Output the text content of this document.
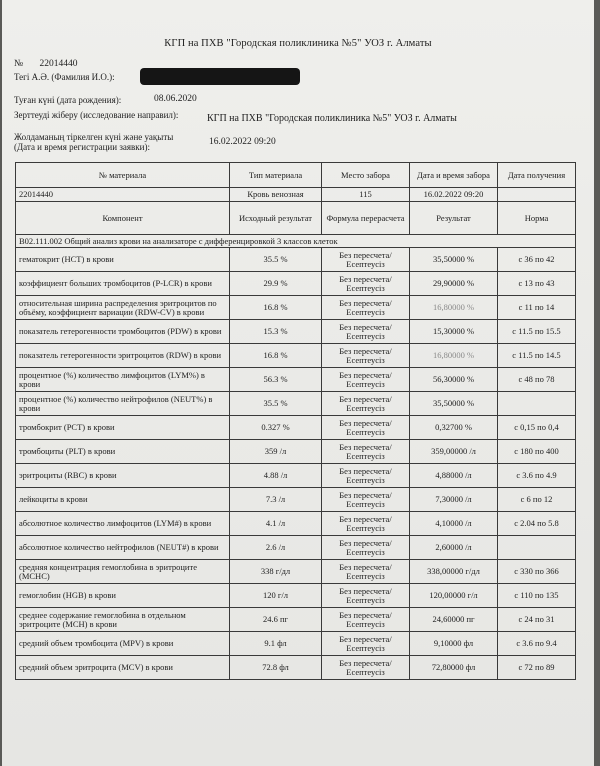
КГП на ПХВ "Городская поликлиника №5" УОЗ г. Алматы
№ 22014440
Тегі А.Ә. (Фамилия И.О.):
Туған күні (дата рождения):	08.06.2020
Зерттеуді жіберу (исследование направил):	КГП на ПХВ "Городская поликлиника №5" УОЗ г. Алматы
Жолдаманың тіркелген күні және уақыты
(Дата и время регистрации заявки):	16.02.2022 09:20
№ материала	Тип материала	Место забора	Дата и время забора	Дата получения
22014440	Кровь венозная	115	16.02.2022 09:20	
Компонент	Исходный результат	Формула перерасчета	Результат	Норма
B02.111.002 Общий анализ крови на анализаторе с дифференцировкой 3 классов клеток				
гематокрит (HCT) в крови	35.5 %	Без пересчета/ Есептеусіз	35,50000 %	с 36 по 42
коэффициент больших тромбоцитов (P-LCR) в крови	29.9 %	Без пересчета/ Есептеусіз	29,90000 %	с 13 по 43
относительная ширина распределения эритроцитов по объёму, коэффициент вариации (RDW-CV) в крови	16.8 %	Без пересчета/ Есептеусіз	16,80000 %	с 11 по 14
показатель гетерогенности тромбоцитов (PDW) в крови	15.3 %	Без пересчета/ Есептеусіз	15,30000 %	с 11.5 по 15.5
показатель гетерогенности эритроцитов (RDW) в крови	16.8 %	Без пересчета/ Есептеусіз	16,80000 %	с 11.5 по 14.5
процентное (%) количество лимфоцитов (LYM%) в крови	56.3 %	Без пересчета/ Есептеусіз	56,30000 %	с 48 по 78
процентное (%) количество нейтрофилов (NEUT%) в крови	35.5 %	Без пересчета/ Есептеусіз	35,50000 %	
тромбокрит (PCT) в крови	0.327 %	Без пересчета/ Есептеусіз	0,32700 %	с 0,15 по 0,4
тромбоциты (PLT) в крови	359 /л	Без пересчета/ Есептеусіз	359,00000 /л	с 180 по 400
эритроциты (RBC) в крови	4.88 /л	Без пересчета/ Есептеусіз	4,88000 /л	с 3.6 по 4.9
лейкоциты в крови	7.3 /л	Без пересчета/ Есептеусіз	7,30000 /л	с 6 по 12
абсолютное количество лимфоцитов (LYM#) в крови	4.1 /л	Без пересчета/ Есептеусіз	4,10000 /л	с 2.04 по 5.8
абсолютное количество нейтрофилов (NEUT#) в крови	2.6 /л	Без пересчета/ Есептеусіз	2,60000 /л	
средняя концентрация гемоглобина в эритроците (MCHC)	338 г/дл	Без пересчета/ Есептеусіз	338,00000 г/дл	с 330 по 366
гемоглобин (HGB) в крови	120 г/л	Без пересчета/ Есептеусіз	120,00000 г/л	с 110 по 135
среднее содержание гемоглобина в отдельном эритроците (MCH) в крови	24.6 пг	Без пересчета/ Есептеусіз	24,60000 пг	с 24 по 31
средний объем тромбоцита (MPV) в крови	9.1 фл	Без пересчета/ Есептеусіз	9,10000 фл	с 3.6 по 9.4
средний объем эритроцита (MCV) в крови	72.8 фл	Без пересчета/ Есептеусіз	72,80000 фл	с 72 по 89
